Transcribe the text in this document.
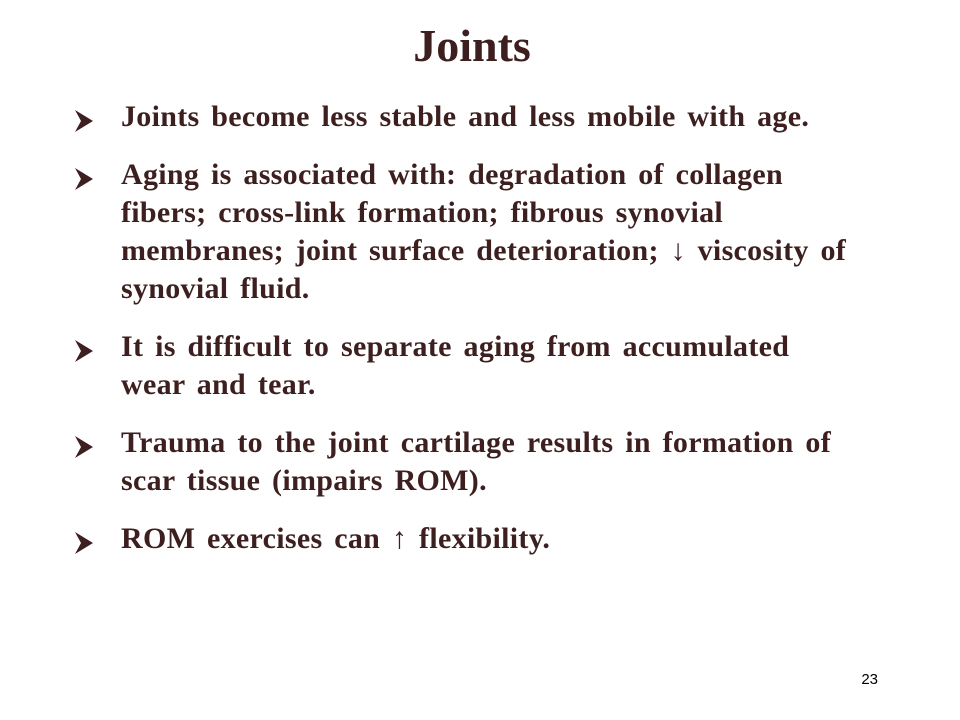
Joints
Joints become less stable and less mobile with age.
Aging is associated with: degradation of collagen fibers; cross-link formation; fibrous synovial membranes; joint surface deterioration; ↓ viscosity of synovial fluid.
It is difficult to separate aging from accumulated wear and tear.
Trauma to the joint cartilage results in formation of scar tissue (impairs ROM).
ROM exercises can ↑ flexibility.
23
